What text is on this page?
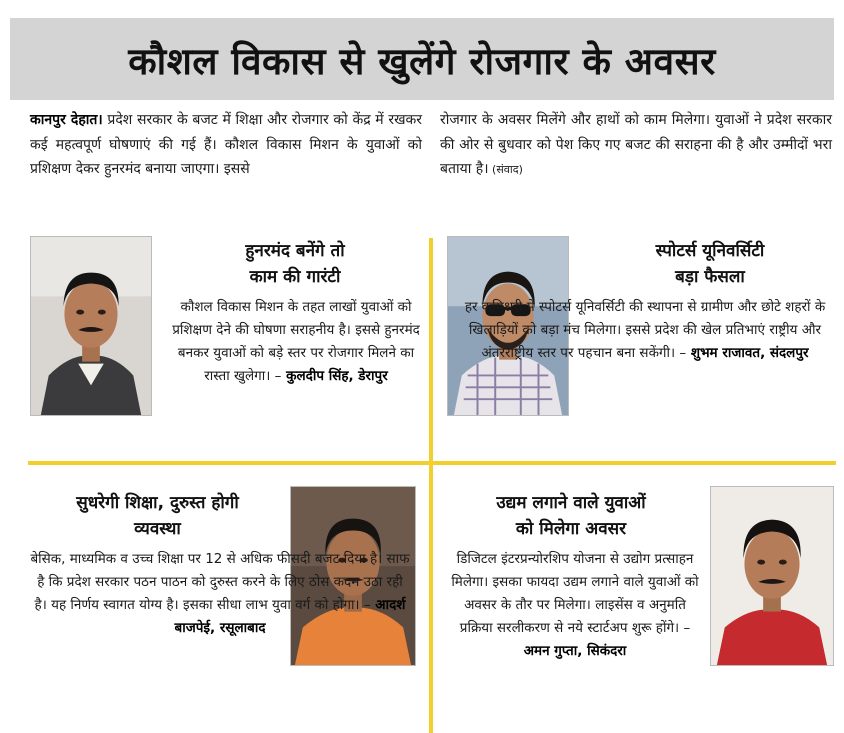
कौशल विकास से खुलेंगे रोजगार के अवसर

कानपुर देहात। प्रदेश सरकार के बजट में शिक्षा और रोजगार को केंद्र में रखकर कई महत्वपूर्ण घोषणाएं की गई हैं। कौशल विकास मिशन के युवाओं को प्रशिक्षण देकर हुनरमंद बनाया जाएगा। इससे

रोजगार के अवसर मिलेंगे और हाथों को काम मिलेगा। युवाओं ने प्रदेश सरकार की ओर से बुधवार को पेश किए गए बजट की सराहना की है और उम्मीदों भरा बताया है। (संवाद)

हुनरमंद बनेंगे तो
काम की गारंटी

कौशल विकास मिशन के तहत लाखों युवाओं को प्रशिक्षण देने की घोषणा सराहनीय है। इससे हुनरमंद बनकर युवाओं को बड़े स्तर पर रोजगार मिलने का रास्ता खुलेगा। – कुलदीप सिंह, डेरापुर

स्पोटर्स यूनिवर्सिटी
बड़ा फैसला

हर कमिश्नरी में स्पोटर्स यूनिवर्सिटी की स्थापना से ग्रामीण और छोटे शहरों के खिलाड़ियों को बड़ा मंच मिलेगा। इससे प्रदेश की खेल प्रतिभाएं राष्ट्रीय और अंतरराष्ट्रीय स्तर पर पहचान बना सकेंगी। – शुभम राजावत, संदलपुर

सुधरेगी शिक्षा, दुरुस्त होगी
व्यवस्था

बेसिक, माध्यमिक व उच्च शिक्षा पर 12 से अधिक फीसदी बजट दिया है। साफ है कि प्रदेश सरकार पठन पाठन को दुरुस्त करने के लिए ठोस कदम उठा रही है। यह निर्णय स्वागत योग्य है। इसका सीधा लाभ युवा वर्ग को होगा। – आदर्श बाजपेई, रसूलाबाद

उद्यम लगाने वाले युवाओं
को मिलेगा अवसर

डिजिटल इंटरप्रन्योरशिप योजना से उद्योग प्रत्साहन मिलेगा। इसका फायदा उद्यम लगाने वाले युवाओं को अवसर के तौर पर मिलेगा। लाइसेंस व अनुमति प्रक्रिया सरलीकरण से नये स्टार्टअप शुरू होंगे। – अमन गुप्ता, सिकंदरा
